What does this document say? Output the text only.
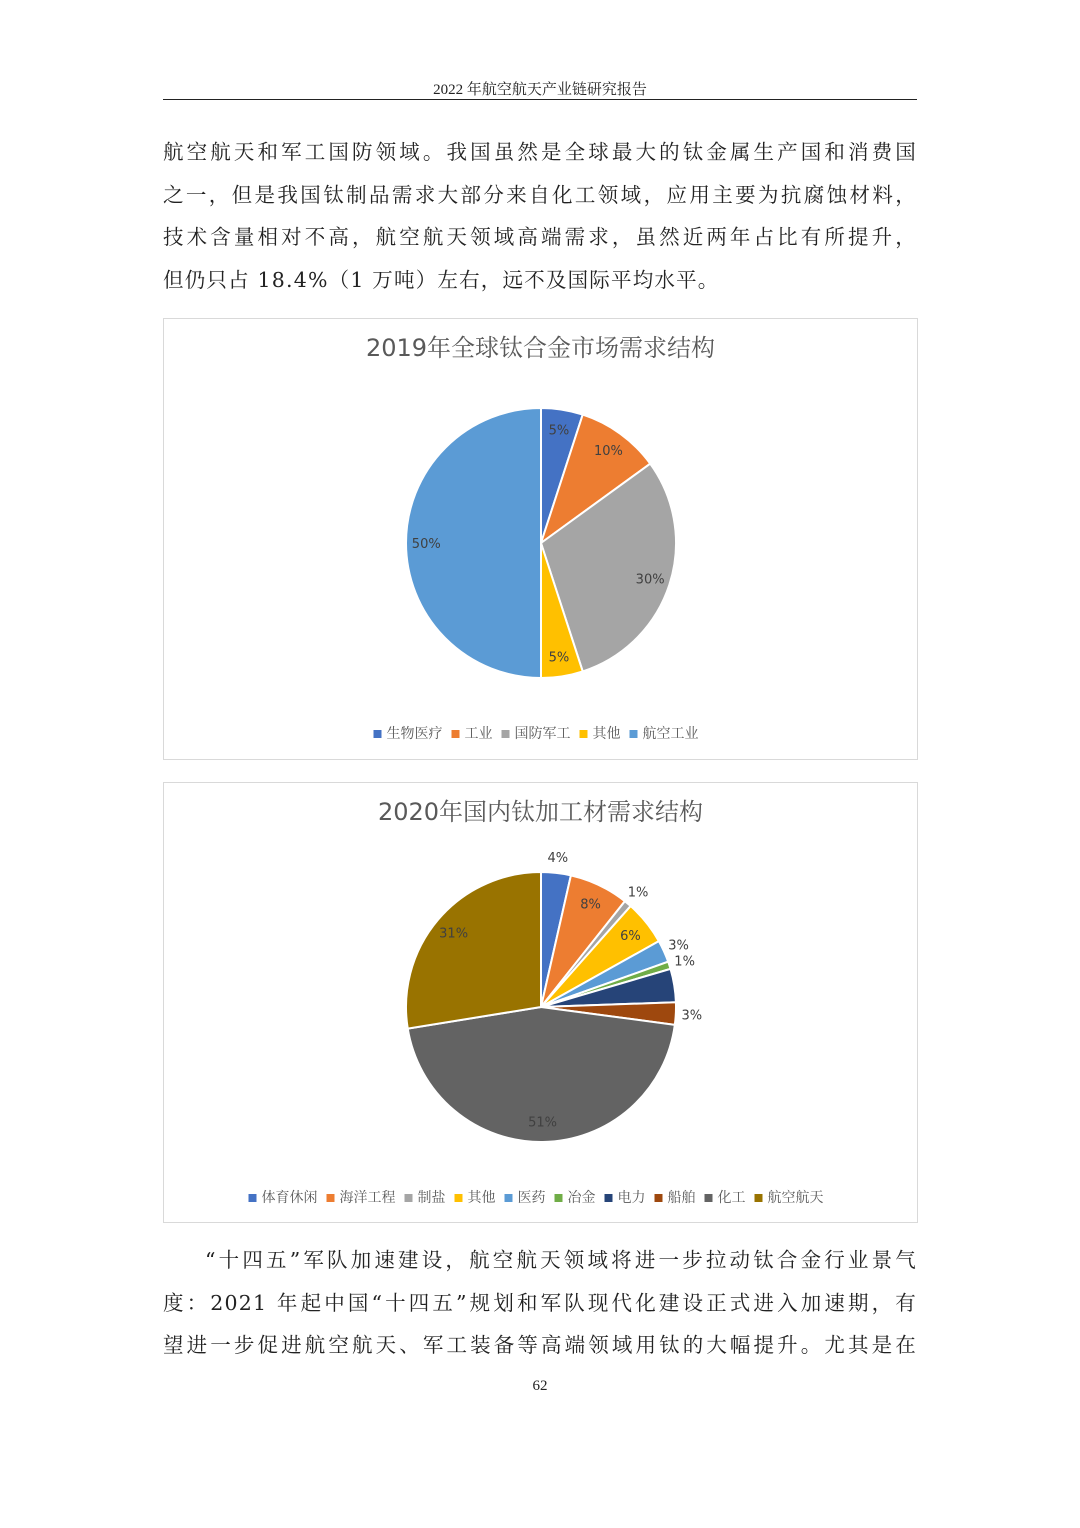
2022 年航空航天产业链研究报告
航空航天和军工国防领域。我国虽然是全球最大的钛金属生产国和消费国
之一，但是我国钛制品需求大部分来自化工领域，应用主要为抗腐蚀材料，
技术含量相对不高，航空航天领域高端需求，虽然近两年占比有所提升，
但仍只占 18.4%（1 万吨）左右，远不及国际平均水平。
2019年全球钛合金市场需求结构
5%
10%
30%
5%
50%
生物医疗 工业 国防军工 其他 航空工业
2020年国内钛加工材需求结构
4%
8%
1%
6%
3%
1%
3%
51%
31%
体育休闲 海洋工程 制盐 其他 医药 冶金 电力 船舶 化工 航空航天
“十四五”军队加速建设，航空航天领域将进一步拉动钛合金行业景气
度：2021 年起中国“十四五”规划和军队现代化建设正式进入加速期，有
望进一步促进航空航天、军工装备等高端领域用钛的大幅提升。尤其是在
62
